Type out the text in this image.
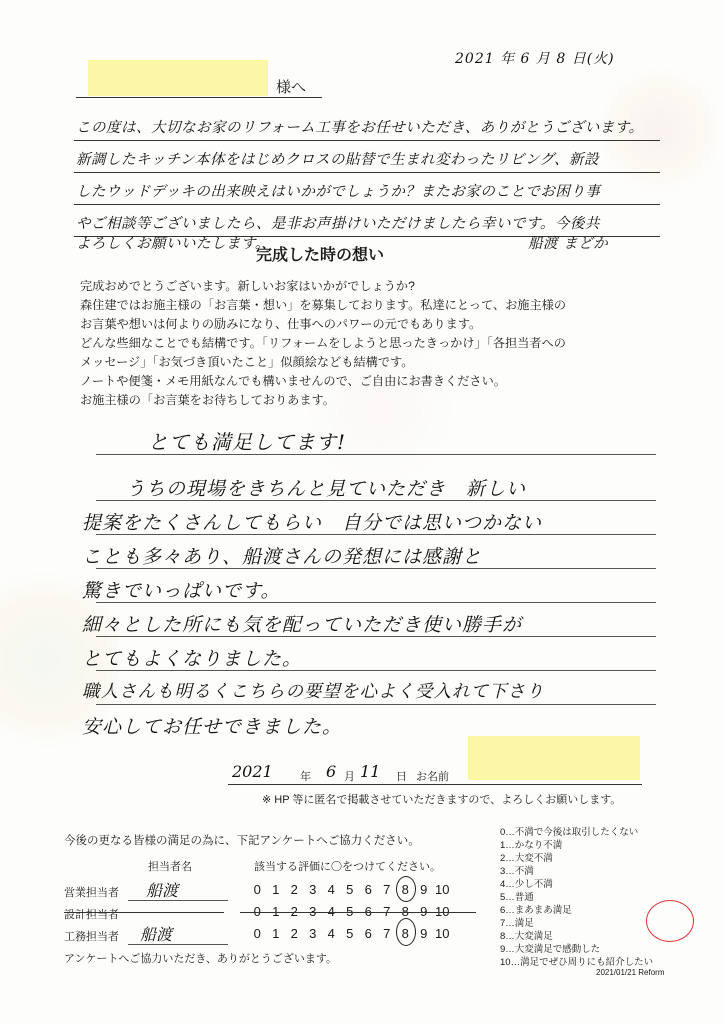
2021 年 6 月 8 日(火)
様へ
この度は、大切なお家のリフォーム工事をお任せいただき、ありがとうございます。
新調したキッチン本体をはじめクロスの貼替で生まれ変わったリビング、新設
したウッドデッキの出来映えはいかがでしょうか？またお家のことでお困り事
やご相談等ございましたら、是非お声掛けいただけましたら幸いです。今後共
よろしくお願いいたします。	船渡 まどか
完成した時の想い
完成おめでとうございます。新しいお家はいかがでしょうか?
森住建ではお施主様の「お言葉・想い」を募集しております。私達にとって、お施主様の
お言葉や想いは何よりの励みになり、仕事へのパワーの元でもあります。
どんな些細なことでも結構です。「リフォームをしようと思ったきっかけ」「各担当者への
メッセージ」「お気づき頂いたこと」似顔絵なども結構です。
ノートや便箋・メモ用紙なんでも構いませんので、ご自由にお書きください。
お施主様の「お言葉をお待ちしておりあます。
とても満足してます!
うちの現場をきちんと見ていただき　新しい
提案をたくさんしてもらい　自分では思いつかない
ことも多々あり、船渡さんの発想には感謝と
驚きでいっぱいです。
細々とした所にも気を配っていただき使い勝手が
とてもよくなりました。
職人さんも明るくこちらの要望を心よく受入れて下さり
安心してお任せできました。
2021 年 6 月 11 日 お名前
※ HP 等に匿名で掲載させていただきますので、よろしくお願いします。
今後の更なる皆様の満足の為に、下記アンケートへご協力ください。
担当者名	該当する評価に〇をつけてください。
営業担当者 船渡	0 1 2 3 4 5 6 7 8 9 10
設計担当者	0 1 2 3 4 5 6 7 8 9 10
工務担当者 船渡	0 1 2 3 4 5 6 7 8 9 10
アンケートへご協力いただき、ありがとうございます。
0…不満で今後は取引したくない
1…かなり不満
2…大変不満
3…不満
4…少し不満
5…普通
6…まあまあ満足
7…満足
8…大変満足
9…大変満足で感動した
10…満足でぜひ周りにも紹介したい
2021/01/21 Reform
